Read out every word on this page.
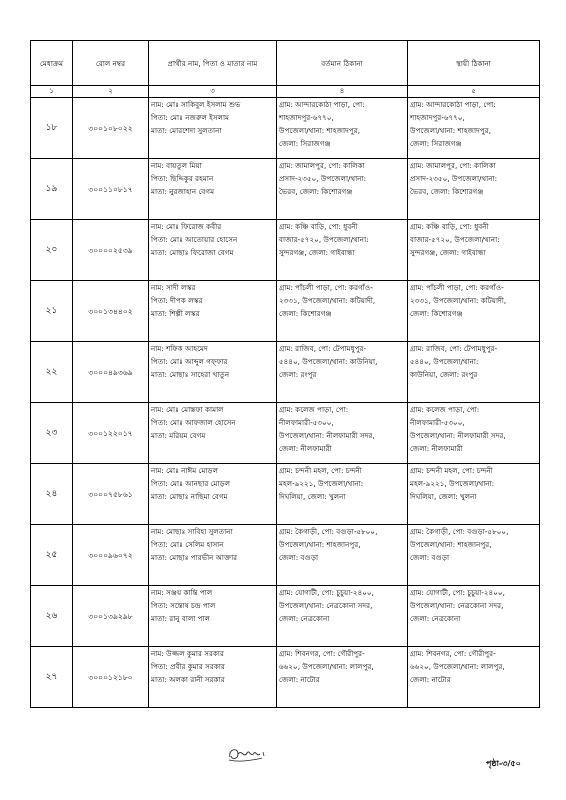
মেধাক্রম	রোল নম্বর	প্রার্থীর নাম, পিতা ও মাতার নাম	বর্তমান ঠিকানা	স্থায়ী ঠিকানা
১	২	৩	৪	৫
১৮	৩০০১০৮০২২	নাম: মোঃ সাকিবুল ইসলাম শুভ
পিতা: মোঃ নজরুল ইসলাম
মাতা: মোরশেদা সুলতানা	গ্রাম: আন্দারকোঠা পাড়া, পো:
শাহজাদপুর-৬৭৭০,
উপজেলা/থানা: শাহজাদপুর,
জেলা: সিরাজগঞ্জ	গ্রাম: আন্দারকোঠা পাড়া, পো:
শাহজাদপুর-৬৭৭০,
উপজেলা/থানা: শাহজাদপুর,
জেলা: সিরাজগঞ্জ

১৯	৩০০১১০৮১৭	নাম: বায়তুল মিয়া
পিতা: ছিদ্দিকুর রহমান
মাতা: নুরজাহান বেগম	গ্রাম: জামালপুর, পো: কালিকা
প্রসাদ-২৩৫০, উপজেলা/থানা:
ভৈরব, জেলা: কিশোরগঞ্জ	গ্রাম: জামালপুর, পো: কালিকা
প্রসাদ-২৩৫০, উপজেলা/থানা:
ভৈরব, জেলা: কিশোরগঞ্জ

২০	৩০০০০২৫৩৯	নাম: মোঃ ফিরোজ কবীর
পিতা: মোঃ আতোয়ার হোসেন
মাতা: মোছাঃ ফিরোজা বেগম	গ্রাম: কঞ্চি বাড়ি, পো: ধুবনী
বাজার-৫৭২০, উপজেলা/থানা:
সুন্দরগঞ্জ, জেলা: গাইবান্ধা	গ্রাম: কঞ্চি বাড়ি, পো: ধুবনী
বাজার-৫৭২০, উপজেলা/থানা:
সুন্দরগঞ্জ, জেলা: গাইবান্ধা

২১	৩০০১৩৪৪০২	নাম: সাদী লস্কর
পিতা: দীপক লস্কর
মাতা: শিল্পী লস্কর	গ্রাম: পাঁচলী পাড়া, পো: করগাঁও-
২৩৩১, উপজেলা/থানা: কটিয়াদী,
জেলা: কিশোরগঞ্জ	গ্রাম: পাঁচলী পাড়া, পো: করগাঁও-
২৩৩১, উপজেলা/থানা: কটিয়াদী,
জেলা: কিশোরগঞ্জ

২২	৩০০০৪৯৩৬৯	নাম: শফিক আহমেদ
পিতা: মোঃ আব্দুল গফ্ফার
মাতা: মোছাঃ সাহেরা খাতুন	গ্রাম: রাজিব, পো: টেপামধুপুর-
৫৪৪০, উপজেলা/থানা: কাউনিয়া,
জেলা: রংপুর	গ্রাম: রাজিব, পো: টেপামধুপুর-
৫৪৪০, উপজেলা/থানা:
কাউনিয়া, জেলা: রংপুর

২৩	৩০০১২২০১৭	নাম: মোঃ মোস্তফা কামাল
পিতা: মোঃ আফজাল হোসেন
মাতা: মরিয়ম বেগম	গ্রাম: কলেজ পাড়া, পো:
নীলফামারী-৫৩০০,
উপজেলা/থানা: নীলফামারী সদর,
জেলা: নীলফামারী	গ্রাম: কলেজ পাড়া, পো:
নীলফামারী-৫৩০০,
উপজেলা/থানা: নীলফামারী সদর,
জেলা: নীলফামারী

২৪	৩০০০৭৫৮৬১	নাম: মোঃ নাঈম মোড়ল
পিতা: মোঃ আনছার মোড়ল
মাতা: মোছাঃ নাছিমা বেগম	গ্রাম: চন্দনী মহল, পো: চন্দনী
মহল-৯২২১, উপজেলা/থানা:
দিঘলিয়া, জেলা: খুলনা	গ্রাম: চন্দনী মহল, পো: চন্দনী
মহল-৯২২১, উপজেলা/থানা:
দিঘলিয়া, জেলা: খুলনা

২৫	৩০০০৯৬০৭২	নাম: মোছাঃ সাবিহা সুলতানা
পিতা: মোঃ সেলিম হাসান
মাতা: মোছাঃ পারভীন আক্তার	গ্রাম: কৈগাড়ী, পো: বগুড়া-৫৮০০,
উপজেলা/থানা: শাহজানপুর,
জেলা: বগুড়া	গ্রাম: কৈগাড়ী, পো: বগুড়া-৫৮০০,
উপজেলা/থানা: শাহজানপুর,
জেলা: বগুড়া

২৬	৩০০১৩৯২৯৮	নাম: সঞ্জয় কান্তি পাল
পিতা: সন্তোষ চন্দ্র পাল
মাতা: রানু বালা পাল	গ্রাম: যোগাটী, পো: চুচুয়া-২৪০০,
উপজেলা/থানা: নেত্রকোনা সদর,
জেলা: নেত্রকোনা	গ্রাম: যোগাটী, পো: চুচুয়া-২৪০০,
উপজেলা/থানা: নেত্রকোনা সদর,
জেলা: নেত্রকোনা

২৭	৩০০০১২১৮০	নাম: উজ্জল কুমার সরকার
পিতা: প্রবীর কুমার সরকার
মাতা: অলকা রানী সরকার	গ্রাম: শিবনগর, পো: গৌরীপুর-
৬৬২০, উপজেলা/থানা: লালপুর,
জেলা: নাটোর	গ্রাম: শিবনগর, পো: গৌরীপুর-
৬৬২০, উপজেলা/থানা: লালপুর,
জেলা: নাটোর
পৃষ্ঠা-৩/৫০
